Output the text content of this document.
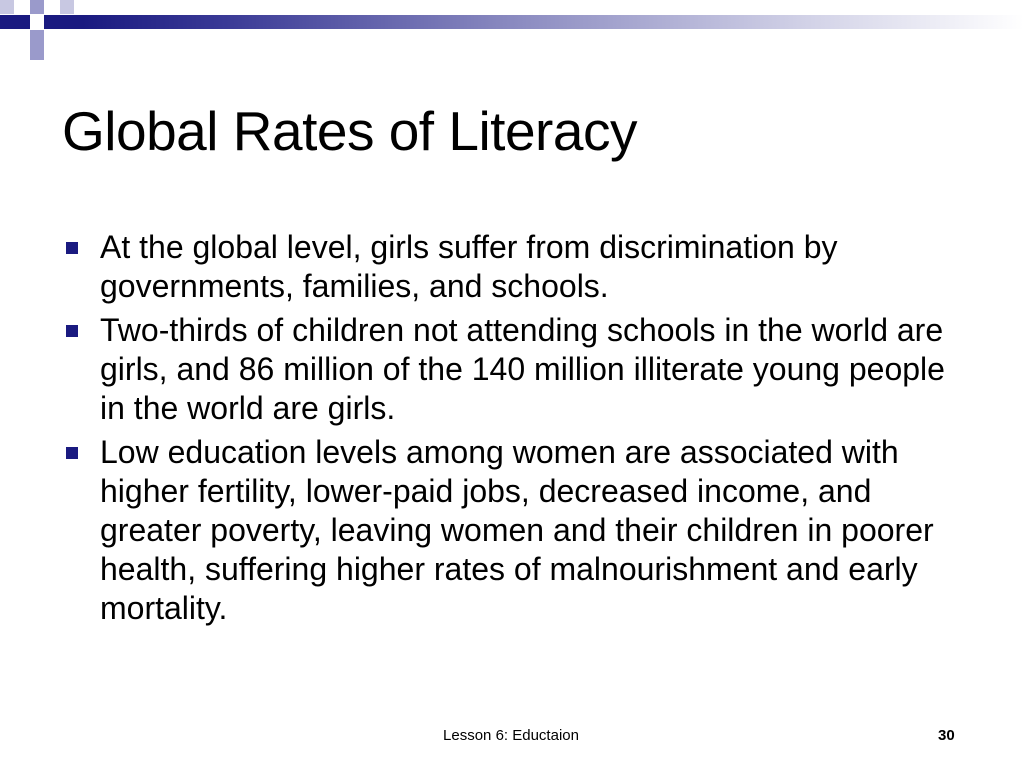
Global Rates of Literacy
At the global level, girls suffer from discrimination by governments, families, and schools.
Two-thirds of children not attending schools in the world are girls, and 86 million of the 140 million illiterate young people in the world are girls.
Low education levels among women are associated with higher fertility, lower-paid jobs, decreased income, and greater poverty, leaving women and their children in poorer health, suffering higher rates of malnourishment and early mortality.
Lesson 6: Eductaion	30
